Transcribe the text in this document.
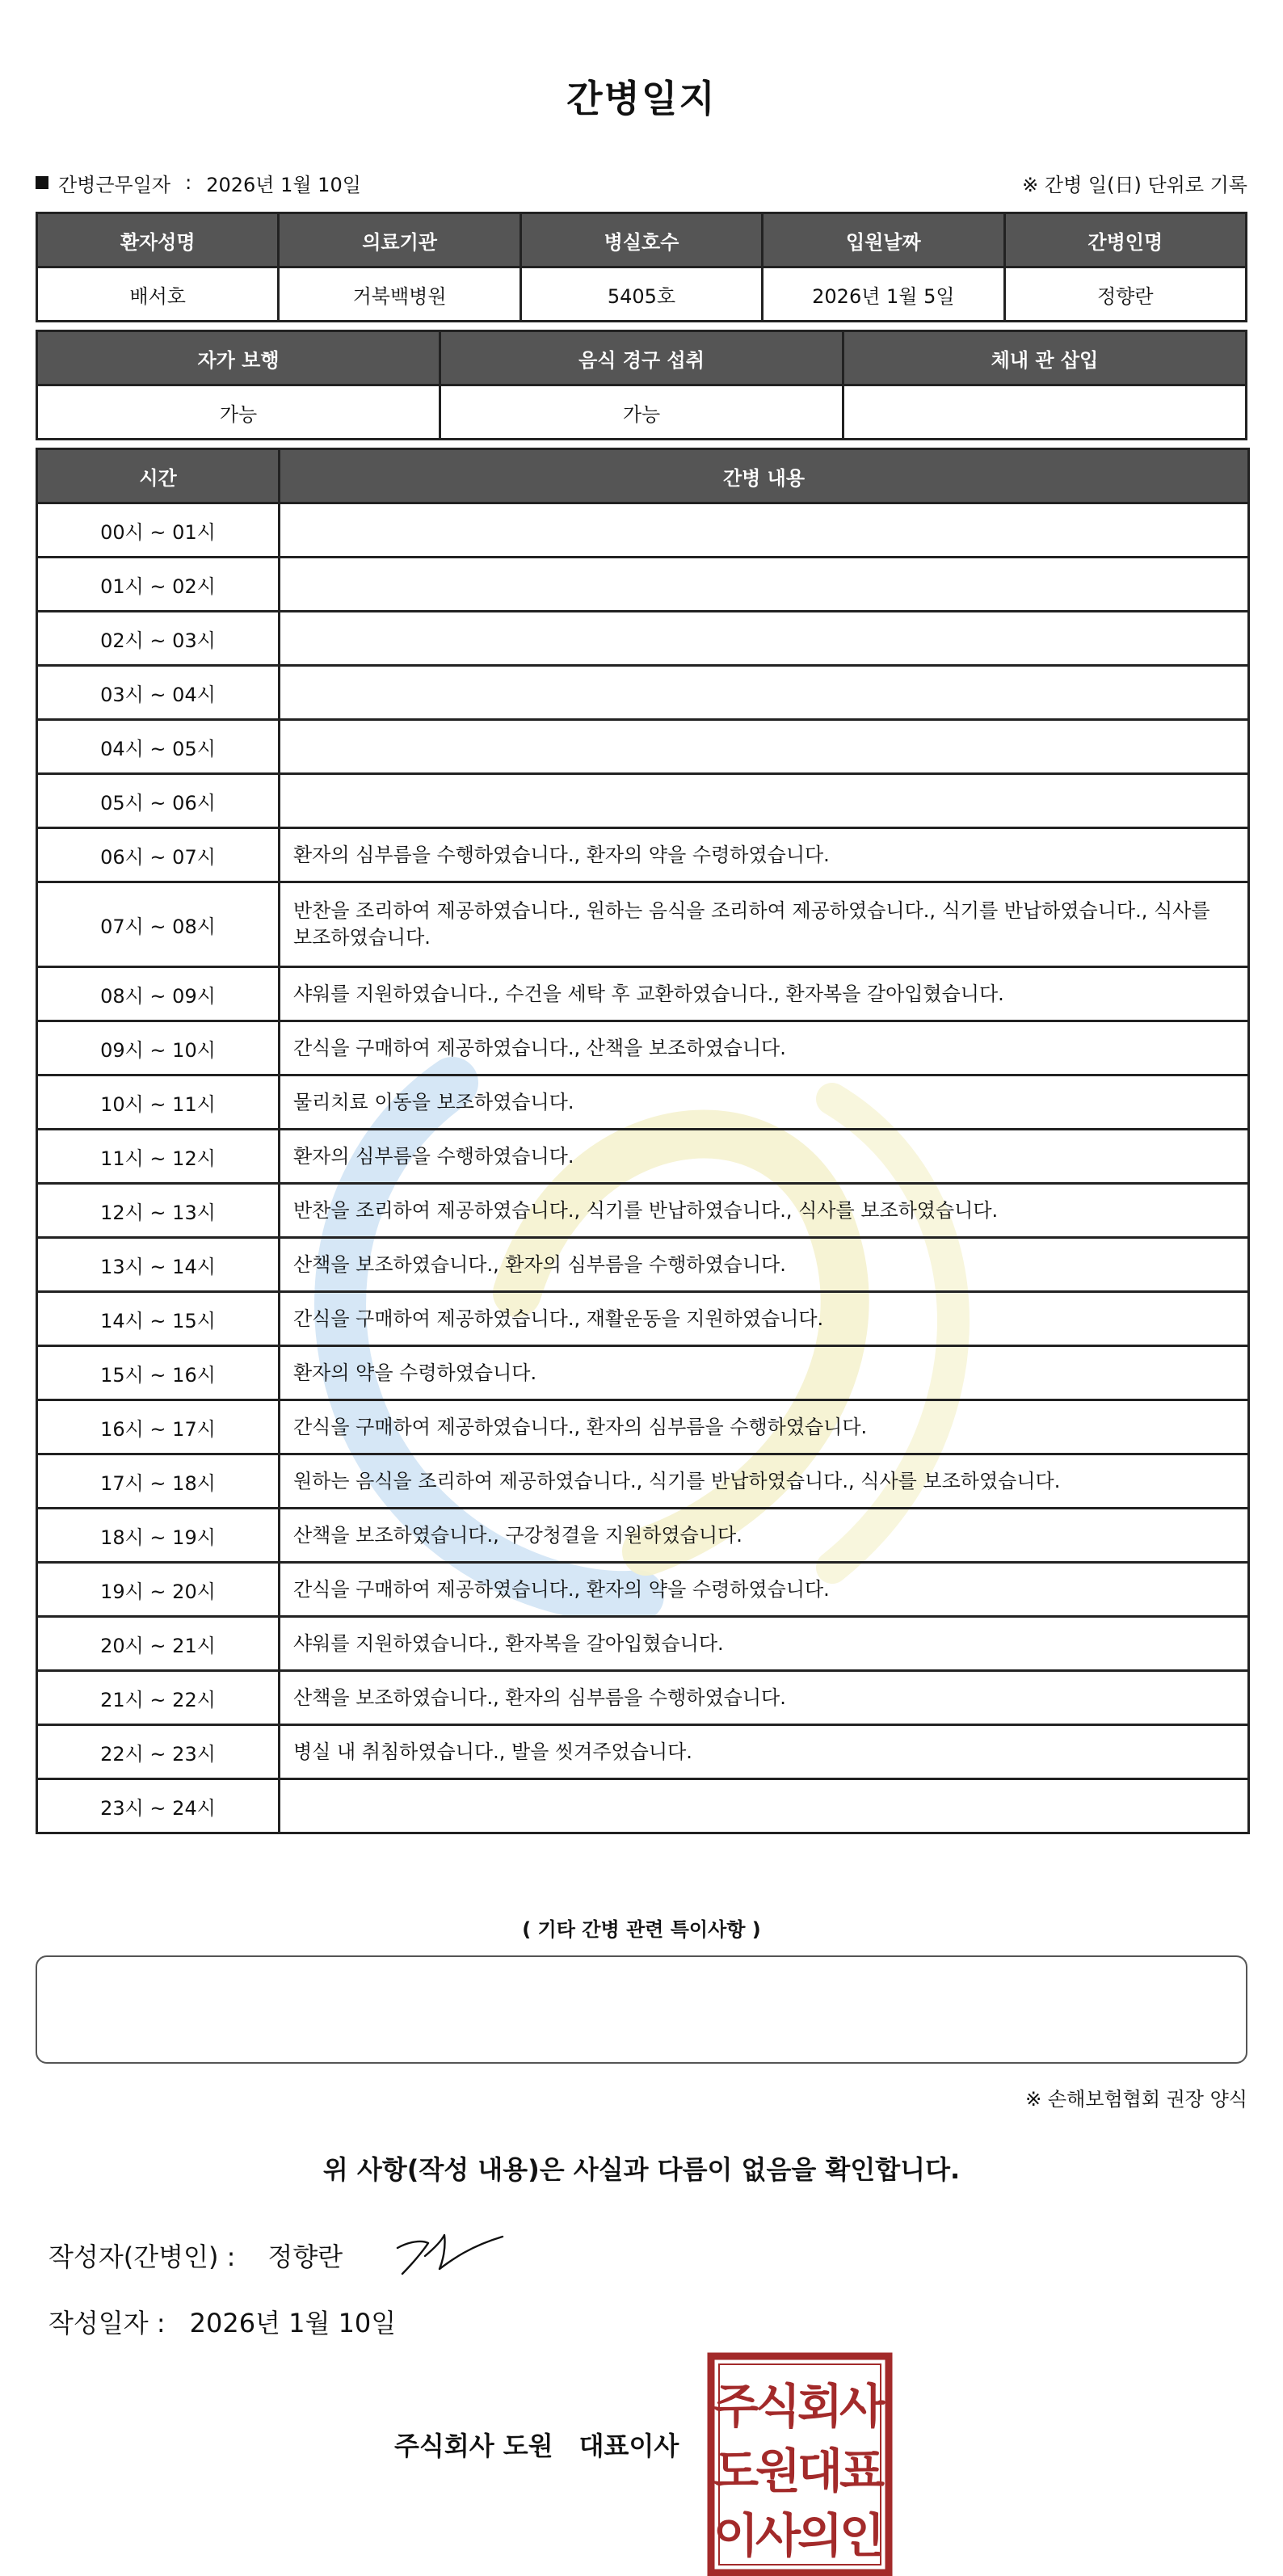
간병일지
간병근무일자 : 2026년 1월 10일	※ 간병 일(日) 단위로 기록
환자성명	의료기관	병실호수	입원날짜	간병인명
배서호	거북백병원	5405호	2026년 1월 5일	정향란
자가 보행	음식 경구 섭취	체내 관 삽입
가능	가능	
시간	간병 내용
00시 ~ 01시	
01시 ~ 02시	
02시 ~ 03시	
03시 ~ 04시	
04시 ~ 05시	
05시 ~ 06시	
06시 ~ 07시	환자의 심부름을 수행하였습니다., 환자의 약을 수령하였습니다.
07시 ~ 08시	반찬을 조리하여 제공하였습니다., 원하는 음식을 조리하여 제공하였습니다., 식기를 반납하였습니다., 식사를 보조하였습니다.
08시 ~ 09시	샤워를 지원하였습니다., 수건을 세탁 후 교환하였습니다., 환자복을 갈아입혔습니다.
09시 ~ 10시	간식을 구매하여 제공하였습니다., 산책을 보조하였습니다.
10시 ~ 11시	물리치료 이동을 보조하였습니다.
11시 ~ 12시	환자의 심부름을 수행하였습니다.
12시 ~ 13시	반찬을 조리하여 제공하였습니다., 식기를 반납하였습니다., 식사를 보조하였습니다.
13시 ~ 14시	산책을 보조하였습니다., 환자의 심부름을 수행하였습니다.
14시 ~ 15시	간식을 구매하여 제공하였습니다., 재활운동을 지원하였습니다.
15시 ~ 16시	환자의 약을 수령하였습니다.
16시 ~ 17시	간식을 구매하여 제공하였습니다., 환자의 심부름을 수행하였습니다.
17시 ~ 18시	원하는 음식을 조리하여 제공하였습니다., 식기를 반납하였습니다., 식사를 보조하였습니다.
18시 ~ 19시	산책을 보조하였습니다., 구강청결을 지원하였습니다.
19시 ~ 20시	간식을 구매하여 제공하였습니다., 환자의 약을 수령하였습니다.
20시 ~ 21시	샤워를 지원하였습니다., 환자복을 갈아입혔습니다.
21시 ~ 22시	산책을 보조하였습니다., 환자의 심부름을 수행하였습니다.
22시 ~ 23시	병실 내 취침하였습니다., 발을 씻겨주었습니다.
23시 ~ 24시	
( 기타 간병 관련 특이사항 )
※ 손해보험협회 권장 양식
위 사항(작성 내용)은 사실과 다름이 없음을 확인합니다.
작성자(간병인) : 정향란
작성일자 : 2026년 1월 10일
주식회사 도원 대표이사
주
식
회
사
도
원
대
표
이
사
의
인
